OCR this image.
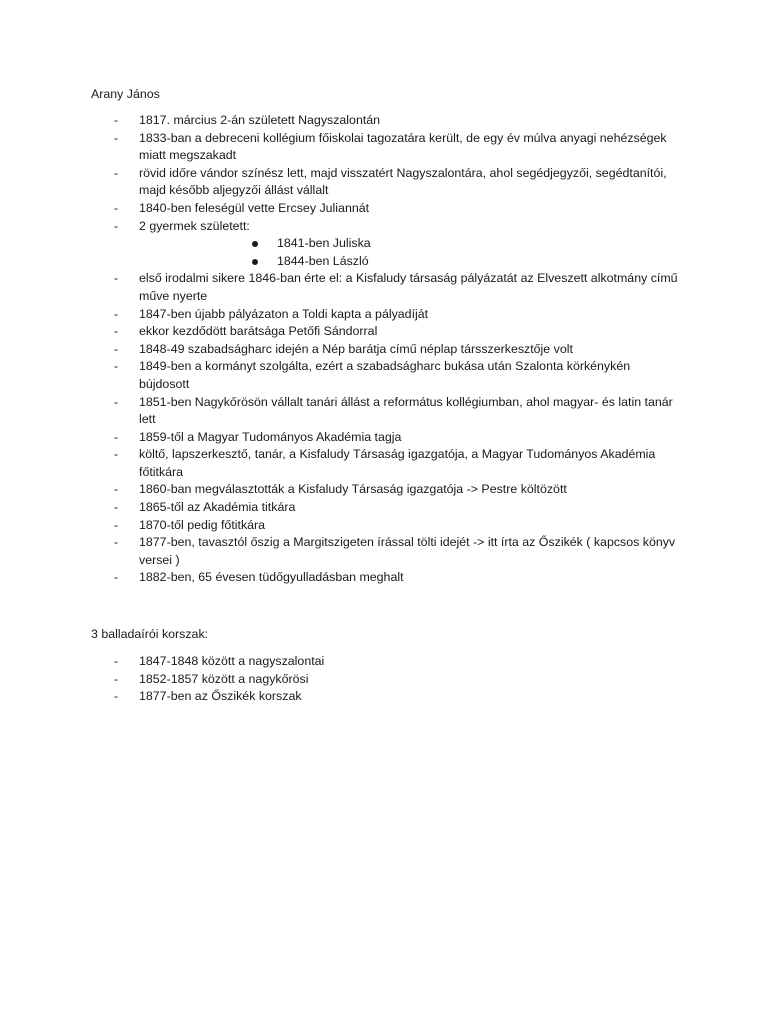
Arany János
- 1817. március 2-án született Nagyszalontán
- 1833-ban a debreceni kollégium főiskolai tagozatára került, de egy év múlva anyagi nehézségek miatt megszakadt
- rövid időre vándor színész lett, majd visszatért Nagyszalontára, ahol segédjegyzői, segédtanítói, majd később aljegyzői állást vállalt
- 1840-ben feleségül vette Ercsey Juliannát
- 2 gyermek született:
1841-ben Juliska
1844-ben László
- első irodalmi sikere 1846-ban érte el: a Kisfaludy társaság pályázatát az Elveszett alkotmány című műve nyerte
- 1847-ben újabb pályázaton a Toldi kapta a pályadíját
- ekkor kezdődött barátsága Petőfi Sándorral
- 1848-49 szabadságharc idején a Nép barátja című néplap társszerkesztője volt
- 1849-ben a kormányt szolgálta, ezért a szabadságharc bukása után Szalonta körkénykén bújdosott
- 1851-ben Nagykőrösön vállalt tanári állást a református kollégiumban, ahol magyar- és latin tanár lett
- 1859-től a Magyar Tudományos Akadémia tagja
- költő, lapszerkesztő, tanár, a Kisfaludy Társaság igazgatója, a Magyar Tudományos Akadémia főtitkára
- 1860-ban megválasztották a Kisfaludy Társaság igazgatója -> Pestre költözött
- 1865-től az Akadémia titkára
- 1870-től pedig főtitkára
- 1877-ben, tavasztól őszig a Margitszigeten írással tölti idejét -> itt írta az Őszikék ( kapcsos könyv versei )
- 1882-ben, 65 évesen tüdőgyulladásban meghalt
3 balladaírói korszak:
- 1847-1848 között a nagyszalontai
- 1852-1857 között a nagykőrösi
- 1877-ben az Őszikék korszak
